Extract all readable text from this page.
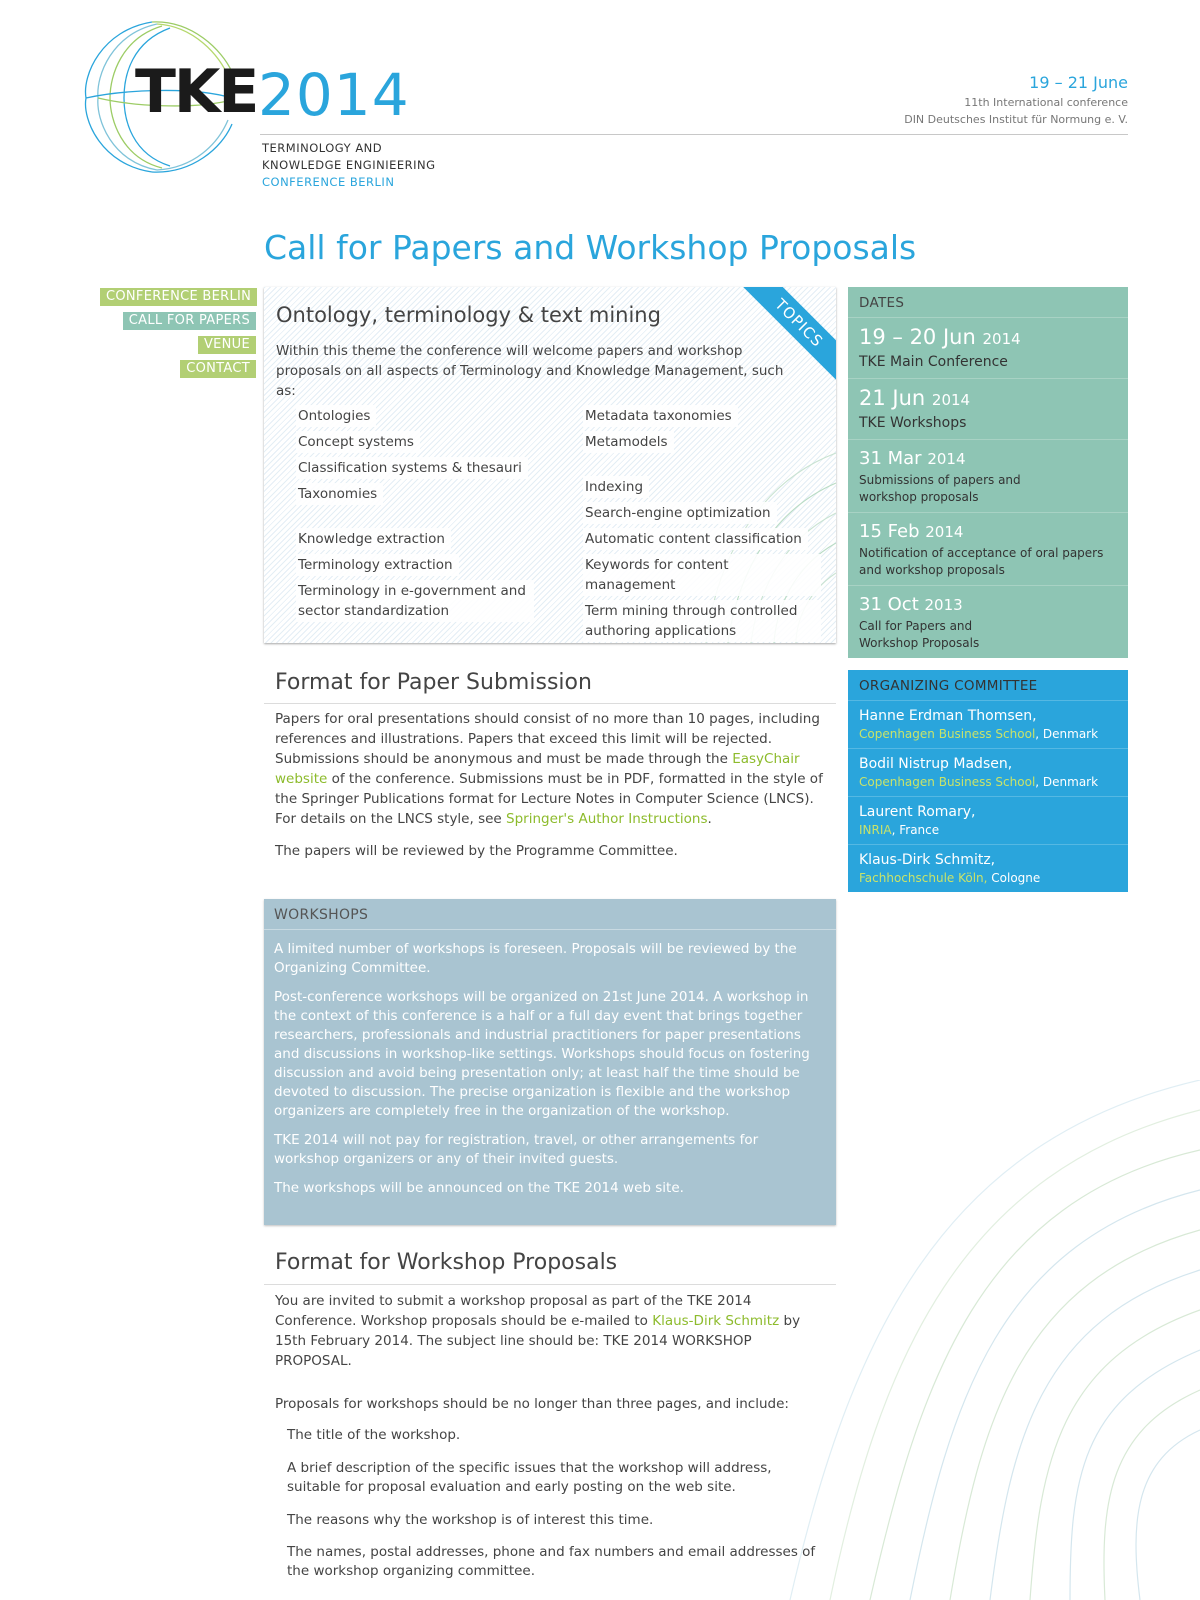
TKE 2014
TERMINOLOGY AND
KNOWLEDGE ENGINIEERING
CONFERENCE BERLIN
19 – 21 June
11th International conference
DIN Deutsches Institut für Normung e. V.
Call for Papers and Workshop Proposals
CONFERENCE BERLIN
CALL FOR PAPERS
VENUE
CONTACT
TOPICS
Ontology, terminology & text mining

Within this theme the conference will welcome papers and workshop proposals on all aspects of Terminology and Knowledge Management, such as:

Ontologies
Concept systems
Classification systems & thesauri
Taxonomies
Knowledge extraction
Terminology extraction
Terminology in e-government and sector standardization
Metadata taxonomies
Metamodels
Indexing
Search-engine optimization
Automatic content classification
Keywords for content management
Term mining through controlled authoring applications
Format for Paper Submission

Papers for oral presentations should consist of no more than 10 pages, including references and illustrations. Papers that exceed this limit will be rejected. Submissions should be anonymous and must be made through the EasyChair website of the conference. Submissions must be in PDF, formatted in the style of the Springer Publications format for Lecture Notes in Computer Science (LNCS). For details on the LNCS style, see Springer's Author Instructions.

The papers will be reviewed by the Programme Committee.

WORKSHOPS

A limited number of workshops is foreseen. Proposals will be reviewed by the Organizing Committee.

Post-conference workshops will be organized on 21st June 2014. A workshop in the context of this conference is a half or a full day event that brings together researchers, professionals and industrial practitioners for paper presentations and discussions in workshop-like settings. Workshops should focus on fostering discussion and avoid being presentation only; at least half the time should be devoted to discussion. The precise organization is flexible and the workshop organizers are completely free in the organization of the workshop.

TKE 2014 will not pay for registration, travel, or other arrangements for workshop organizers or any of their invited guests.

The workshops will be announced on the TKE 2014 web site.

Format for Workshop Proposals

You are invited to submit a workshop proposal as part of the TKE 2014 Conference. Workshop proposals should be e-mailed to Klaus-Dirk Schmitz by 15th February 2014. The subject line should be: TKE 2014 WORKSHOP PROPOSAL.

Proposals for workshops should be no longer than three pages, and include:

The title of the workshop.

A brief description of the specific issues that the workshop will address, suitable for proposal evaluation and early posting on the web site.

The reasons why the workshop is of interest this time.

The names, postal addresses, phone and fax numbers and email addresses of the workshop organizing committee.

DATES
19 – 20 Jun 2014
TKE Main Conference
21 Jun 2014
TKE Workshops
31 Mar 2014
Submissions of papers and workshop proposals
15 Feb 2014
Notification of acceptance of oral papers and workshop proposals
31 Oct 2013
Call for Papers and Workshop Proposals
ORGANIZING COMMITTEE
Hanne Erdman Thomsen,
Copenhagen Business School, Denmark
Bodil Nistrup Madsen,
Copenhagen Business School, Denmark
Laurent Romary,
INRIA, France
Klaus-Dirk Schmitz,
Fachhochschule Köln, Cologne
